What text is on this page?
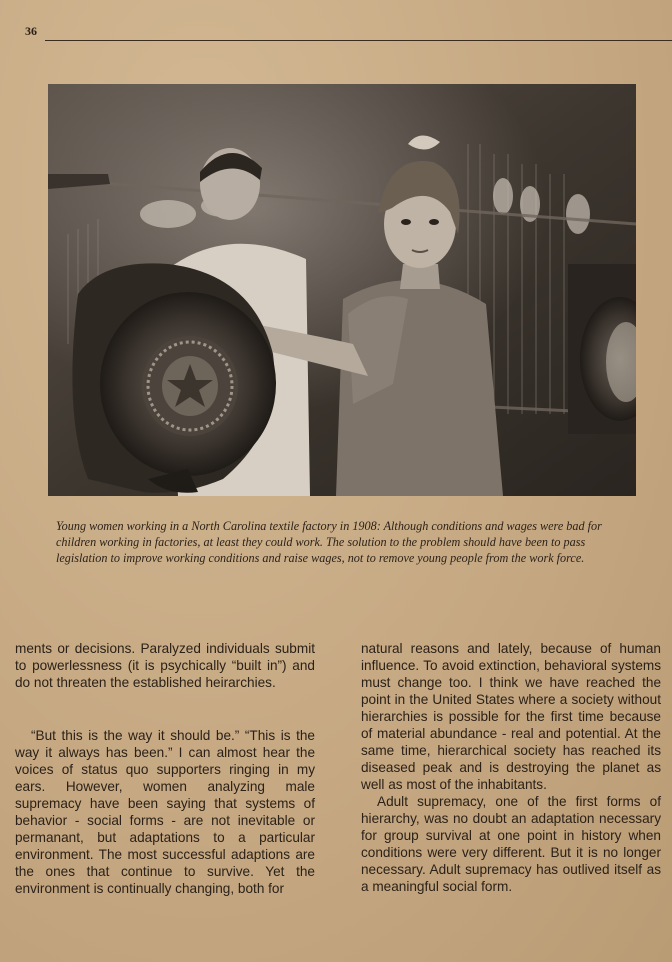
36

Young women working in a North Carolina textile factory in 1908: Although conditions and wages were bad for children working in factories, at least they could work. The solution to the problem should have been to pass legislation to improve working conditions and raise wages, not to remove young people from the work force.

ments or decisions. Paralyzed individuals submit to powerlessness (it is psychically “built in”) and do not threaten the established heirarchies.

“But this is the way it should be.” “This is the way it always has been.” I can almost hear the voices of status quo supporters ringing in my ears. However, women analyzing male supremacy have been saying that systems of behavior - social forms - are not inevitable or permanant, but adaptations to a particular environment. The most successful adaptions are the ones that continue to survive. Yet the environment is continually changing, both for

natural reasons and lately, because of human influence. To avoid extinction, behavioral systems must change too. I think we have reached the point in the United States where a society without hierarchies is possible for the first time because of material abundance - real and potential. At the same time, hierarchical society has reached its diseased peak and is destroying the planet as well as most of the inhabitants.

Adult supremacy, one of the first forms of hierarchy, was no doubt an adaptation necessary for group survival at one point in history when conditions were very different. But it is no longer necessary. Adult supremacy has outlived itself as a meaningful social form.
